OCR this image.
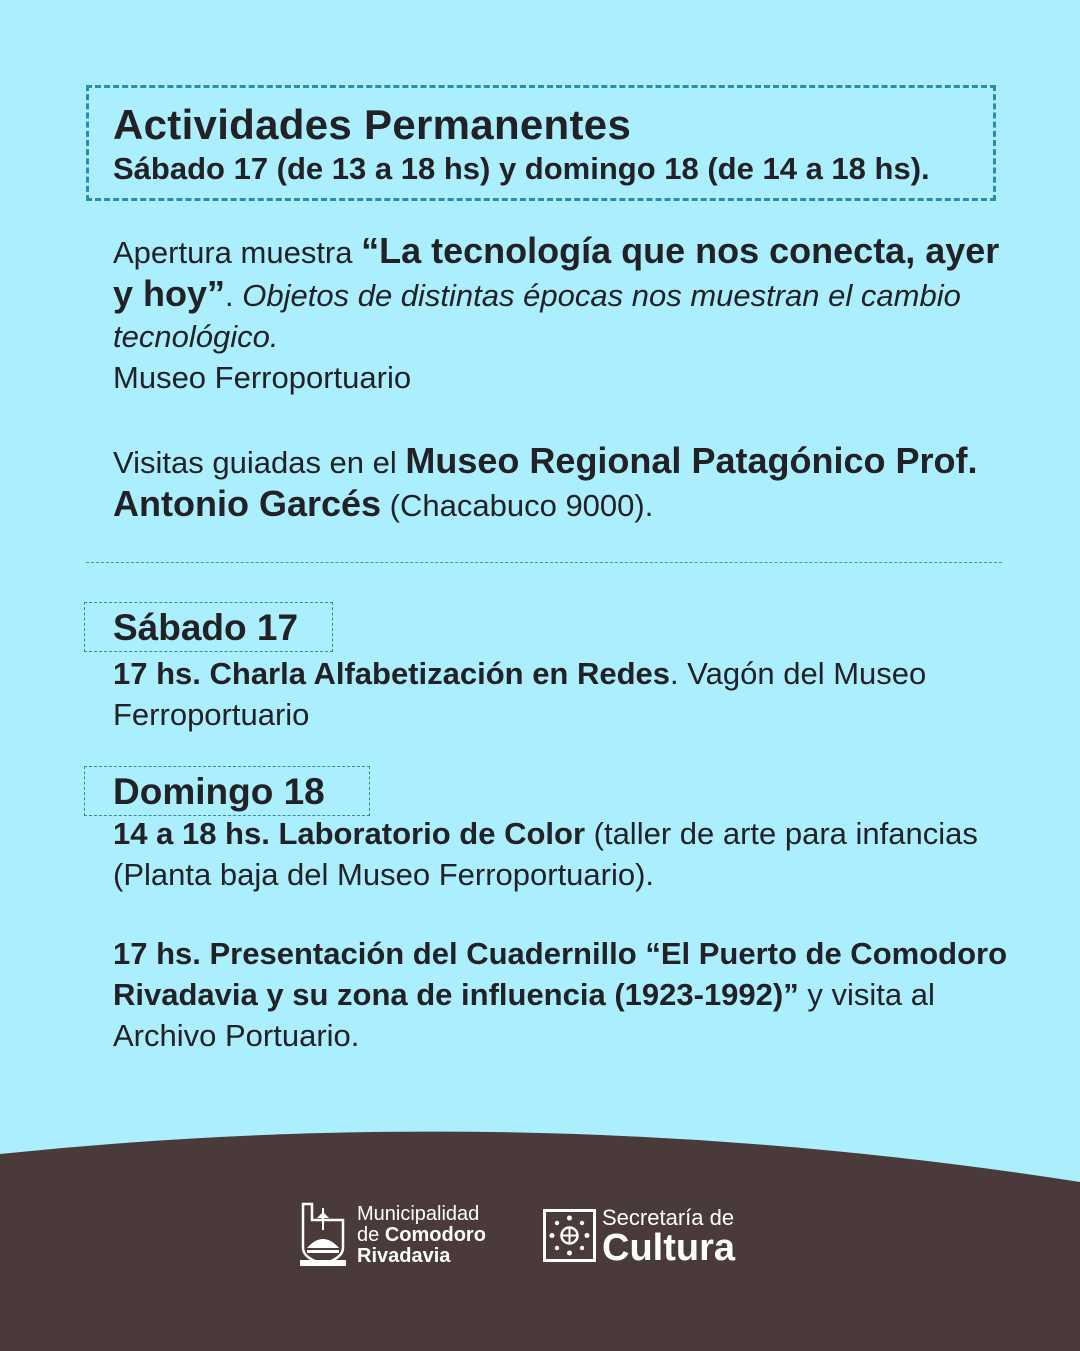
Actividades Permanentes

Sábado 17 (de 13 a 18 hs) y domingo 18 (de 14 a 18 hs).

Apertura muestra “La tecnología que nos conecta, ayer y hoy”. Objetos de distintas épocas nos muestran el cambio tecnológico.
Museo Ferroportuario

Visitas guiadas en el Museo Regional Patagónico Prof. Antonio Garcés (Chacabuco 9000).

Sábado 17

17 hs. Charla Alfabetización en Redes. Vagón del Museo Ferroportuario

Domingo 18

14 a 18 hs. Laboratorio de Color (taller de arte para infancias (Planta baja del Museo Ferroportuario).

17 hs. Presentación del Cuadernillo “El Puerto de Comodoro Rivadavia y su zona de influencia (1923-1992)” y visita al Archivo Portuario.

Municipalidad
de Comodoro
Rivadavia
Secretaría de
Cultura
